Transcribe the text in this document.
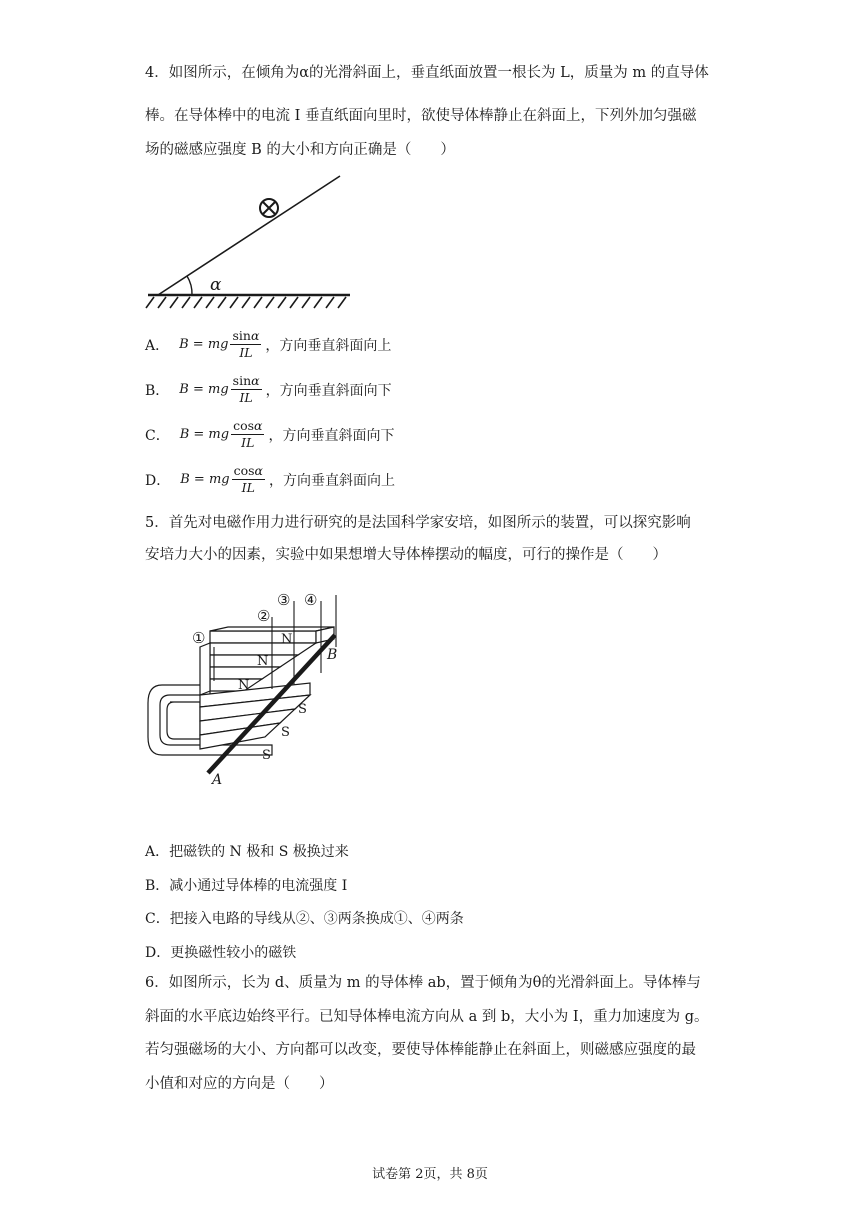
4．如图所示，在倾角为α的光滑斜面上，垂直纸面放置一根长为 L，质量为 m 的直导体
棒。在导体棒中的电流 I 垂直纸面向里时，欲使导体棒静止在斜面上，下列外加匀强磁
场的磁感应强度 B 的大小和方向正确是（　　）
α
A． B = mg $\frac{\sin\alpha}{IL}$ ，方向垂直斜面向上
B． B = mg $\frac{\sin\alpha}{IL}$ ，方向垂直斜面向下
C． B = mg $\frac{\cos\alpha}{IL}$ ，方向垂直斜面向下
D． B = mg $\frac{\cos\alpha}{IL}$ ，方向垂直斜面向上
5．首先对电磁作用力进行研究的是法国科学家安培，如图所示的装置，可以探究影响
安培力大小的因素，实验中如果想增大导体棒摆动的幅度，可行的操作是（　　）
①
②
③ ④
N
N
N
S
S
S
A
B
A．把磁铁的 N 极和 S 极换过来
B．减小通过导体棒的电流强度 I
C．把接入电路的导线从②、③两条换成①、④两条
D．更换磁性较小的磁铁
6．如图所示，长为 d、质量为 m 的导体棒 ab，置于倾角为θ的光滑斜面上。导体棒与
斜面的水平底边始终平行。已知导体棒电流方向从 a 到 b，大小为 I，重力加速度为 g。
若匀强磁场的大小、方向都可以改变，要使导体棒能静止在斜面上，则磁感应强度的最
小值和对应的方向是（　　）
试卷第 2页，共 8页
